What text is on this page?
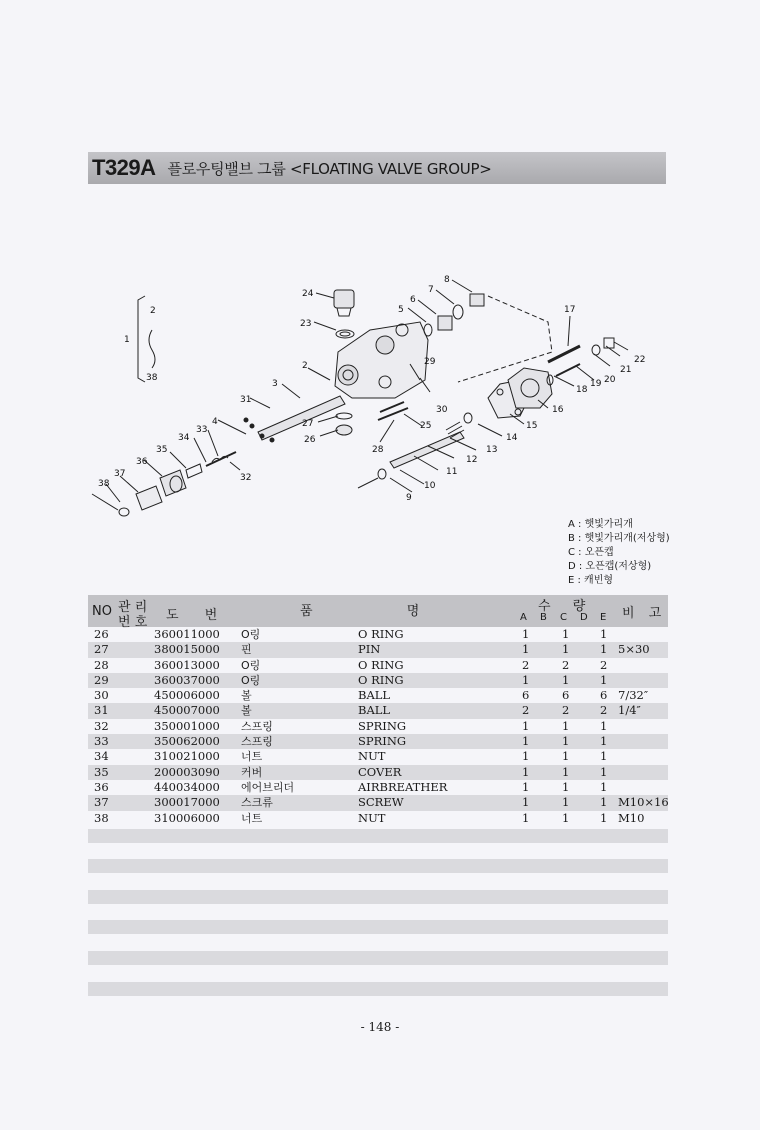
T329A 플로우팅밸브 그룹 <FLOATING VALVE GROUP>
1
2
38
2
3
4
5
6
7
8
9
10
11
12
13
14
15
16
17
18
19 20
21
22
23
24
25
26
27
28
29
30
31
32
33
34
35
36
37
38
A : 햇빛가리개
B : 햇빛가리개(저상형)
C : 오픈캡
D : 오픈캡(저상형)
E : 캐빈형
NO 관 리
번 호 도 번	품 명	수 량
A B C D E 비 고
26	360011000 O링	O RING	1	1	1
27	380015000 핀	PIN	1	1	1 5×30
28	360013000 O링	O RING	2	2	2
29	360037000 O링	O RING	1	1	1
30	450006000 볼	BALL	6	6	6 7/32″
31	450007000 볼	BALL	2	2	2 1/4″
32	350001000 스프링	SPRING	1	1	1
33	350062000 스프링	SPRING	1	1	1
34	310021000 너트	NUT	1	1	1
35	200003090 커버	COVER	1	1	1
36	440034000 에어브리더	AIRBREATHER	1	1	1
37	300017000 스크류	SCREW	1	1	1 M10×16
38	310006000 너트	NUT	1	1	1 M10
- 148 -
